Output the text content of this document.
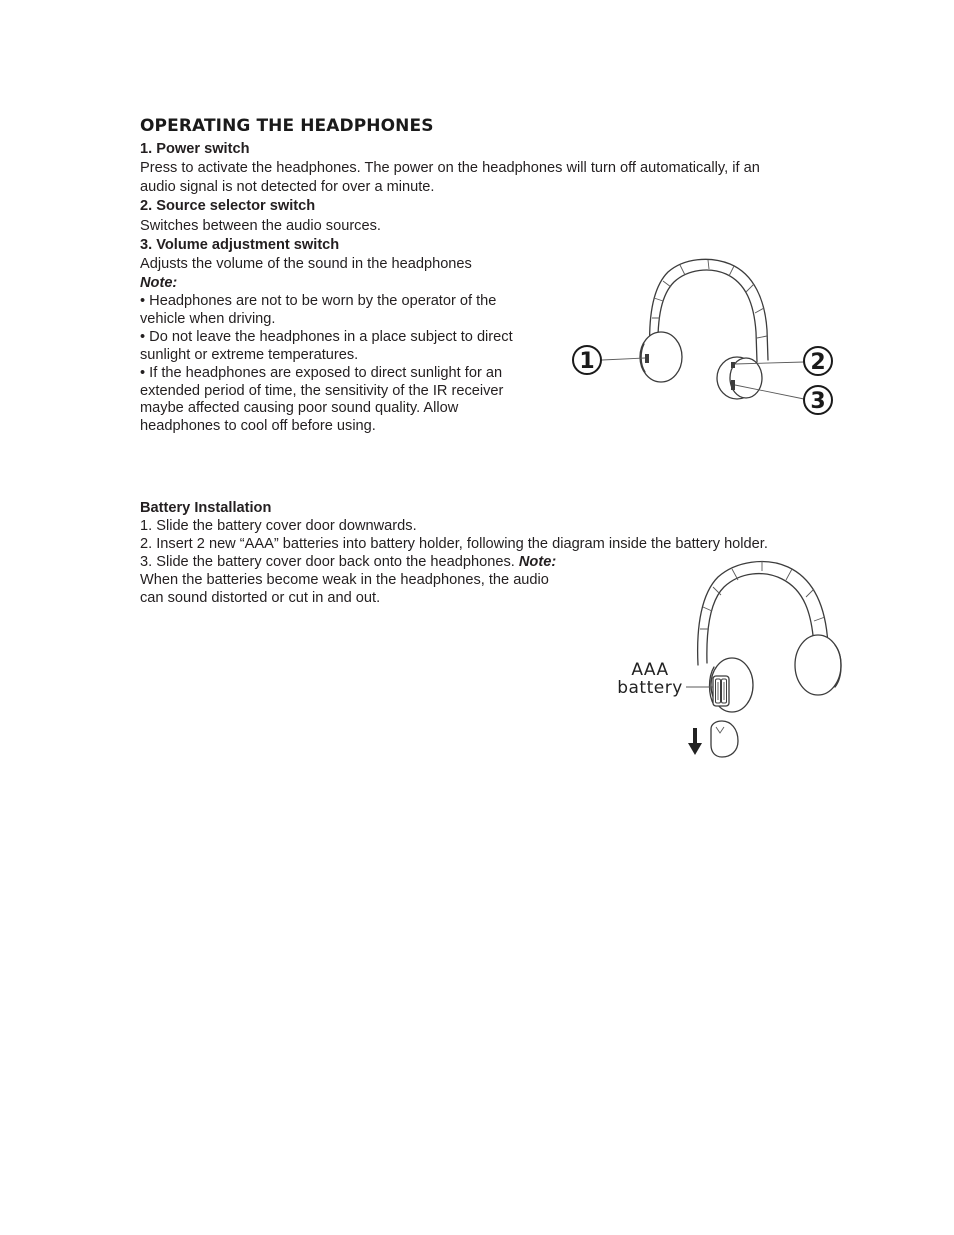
OPERATING THE HEADPHONES
1. Power switch
Press to activate the headphones. The power on the headphones will turn off automatically, if an
audio signal is not detected for over a minute.
2. Source selector switch
Switches between the audio sources.
3. Volume adjustment switch
Adjusts the volume of the sound in the headphones
Note:
• Headphones are not to be worn by the operator of the
vehicle when driving.
• Do not leave the headphones in a place subject to direct
sunlight or extreme temperatures.
• If the headphones are exposed to direct sunlight for an
extended period of time, the sensitivity of the IR receiver
maybe affected causing poor sound quality. Allow
headphones to cool off before using.
1	2
3
Battery Installation
1. Slide the battery cover door downwards.
2. Insert 2 new “AAA” batteries into battery holder, following the diagram inside the battery holder.
3. Slide the battery cover door back onto the headphones. Note:
When the batteries become weak in the headphones, the audio
can sound distorted or cut in and out.
AAA
battery
